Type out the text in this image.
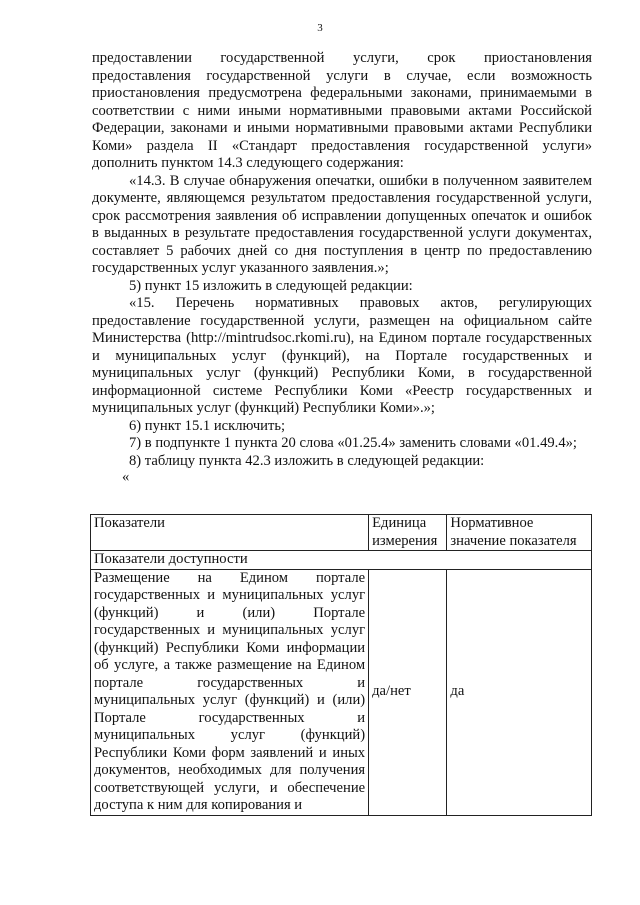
3

предоставлении государственной услуги, срок приостановления предоставления государственной услуги в случае, если возможность приостановления предусмотрена федеральными законами, принимаемыми в соответствии с ними иными нормативными правовыми актами Российской Федерации, законами и иными нормативными правовыми актами Республики Коми» раздела II «Стандарт предоставления государственной услуги» дополнить пунктом 14.3 следующего содержания:

«14.3. В случае обнаружения опечатки, ошибки в полученном заявителем документе, являющемся результатом предоставления государственной услуги, срок рассмотрения заявления об исправлении допущенных опечаток и ошибок в выданных в результате предоставления государственной услуги документах, составляет 5 рабочих дней со дня поступления в центр по предоставлению государственных услуг указанного заявления.»;

5) пункт 15 изложить в следующей редакции:

«15. Перечень нормативных правовых актов, регулирующих предоставление государственной услуги, размещен на официальном сайте Министерства (http://mintrudsoc.rkomi.ru), на Едином портале государственных и муниципальных услуг (функций), на Портале государственных и муниципальных услуг (функций) Республики Коми, в государственной информационной системе Республики Коми «Реестр государственных и муниципальных услуг (функций) Республики Коми».»;

6) пункт 15.1 исключить;

7) в подпункте 1 пункта 20 слова «01.25.4» заменить словами «01.49.4»;

8) таблицу пункта 42.3 изложить в следующей редакции:

«

Показатели	Единица измерения	Нормативное значение показателя
Показатели доступности		
Размещение на Едином портале государственных и муниципальных услуг (функций) и (или) Портале государственных и муниципальных услуг (функций) Республики Коми информации об услуге, а также размещение на Едином портале государственных и муниципальных услуг (функций) и (или) Портале государственных и муниципальных услуг (функций) Республики Коми форм заявлений и иных документов, необходимых для получения соответствующей услуги, и обеспечение доступа к ним для копирования и	да/нет	да
